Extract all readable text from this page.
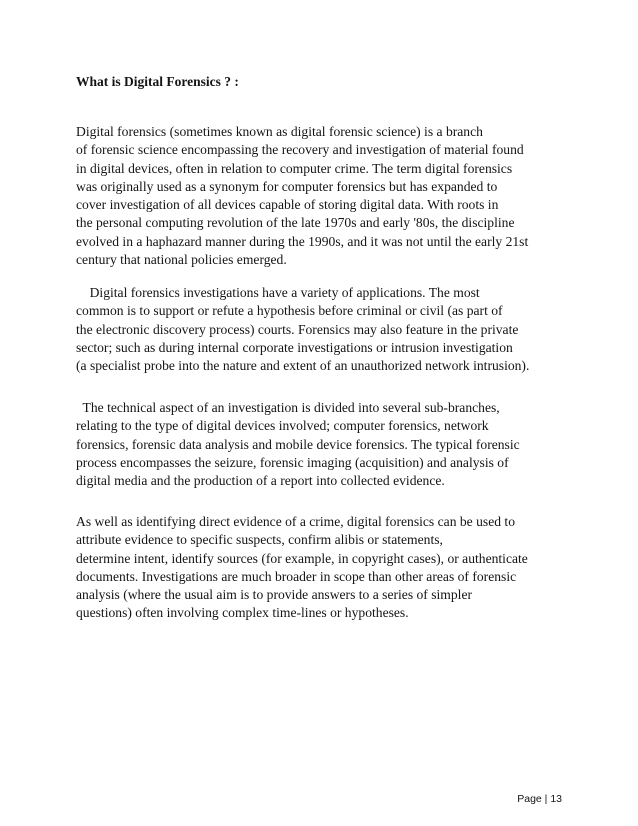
What is Digital Forensics ? :
Digital forensics (sometimes known as digital forensic science) is a branch
of forensic science encompassing the recovery and investigation of material found
in digital devices, often in relation to computer crime. The term digital forensics
was originally used as a synonym for computer forensics but has expanded to
cover investigation of all devices capable of storing digital data. With roots in
the personal computing revolution of the late 1970s and early '80s, the discipline
evolved in a haphazard manner during the 1990s, and it was not until the early 21st
century that national policies emerged.
Digital forensics investigations have a variety of applications. The most
common is to support or refute a hypothesis before criminal or civil (as part of
the electronic discovery process) courts. Forensics may also feature in the private
sector; such as during internal corporate investigations or intrusion investigation
(a specialist probe into the nature and extent of an unauthorized network intrusion).
The technical aspect of an investigation is divided into several sub-branches,
relating to the type of digital devices involved; computer forensics, network
forensics, forensic data analysis and mobile device forensics. The typical forensic
process encompasses the seizure, forensic imaging (acquisition) and analysis of
digital media and the production of a report into collected evidence.
As well as identifying direct evidence of a crime, digital forensics can be used to
attribute evidence to specific suspects, confirm alibis or statements,
determine intent, identify sources (for example, in copyright cases), or authenticate
documents. Investigations are much broader in scope than other areas of forensic
analysis (where the usual aim is to provide answers to a series of simpler
questions) often involving complex time-lines or hypotheses.
Page | 13
